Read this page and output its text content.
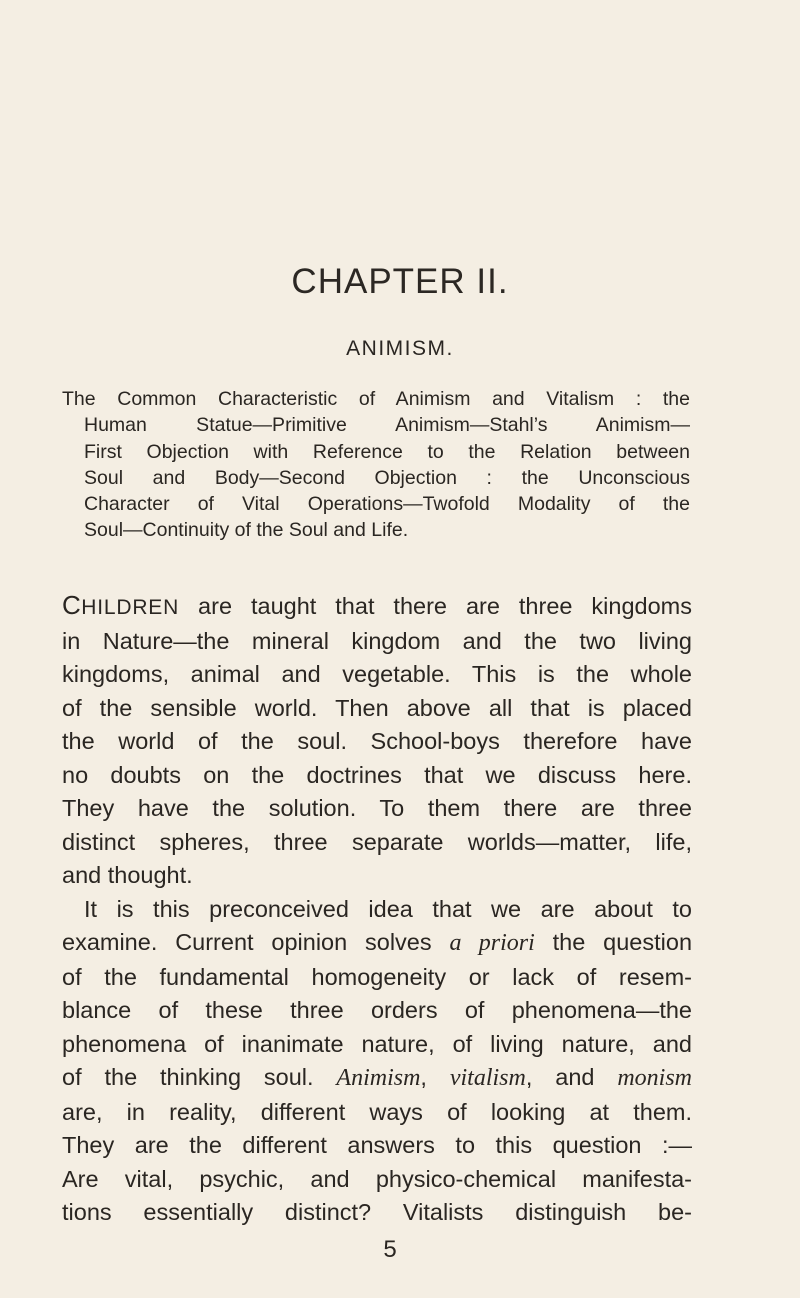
CHAPTER II.
ANIMISM.
The Common Characteristic of Animism and Vitalism : the
Human Statue—Primitive Animism—Stahl’s Animism—
First Objection with Reference to the Relation between
Soul and Body—Second Objection : the Unconscious
Character of Vital Operations—Twofold Modality of the
Soul—Continuity of the Soul and Life.
CHILDREN are taught that there are three kingdoms
in Nature—the mineral kingdom and the two living
kingdoms, animal and vegetable. This is the whole
of the sensible world. Then above all that is placed
the world of the soul. School-boys therefore have
no doubts on the doctrines that we discuss here.
They have the solution. To them there are three
distinct spheres, three separate worlds—matter, life,
and thought.
It is this preconceived idea that we are about to
examine. Current opinion solves a priori the question
of the fundamental homogeneity or lack of resem-
blance of these three orders of phenomena—the
phenomena of inanimate nature, of living nature, and
of the thinking soul. Animism, vitalism, and monism
are, in reality, different ways of looking at them.
They are the different answers to this question :—
Are vital, psychic, and physico-chemical manifesta-
tions essentially distinct? Vitalists distinguish be-

5
